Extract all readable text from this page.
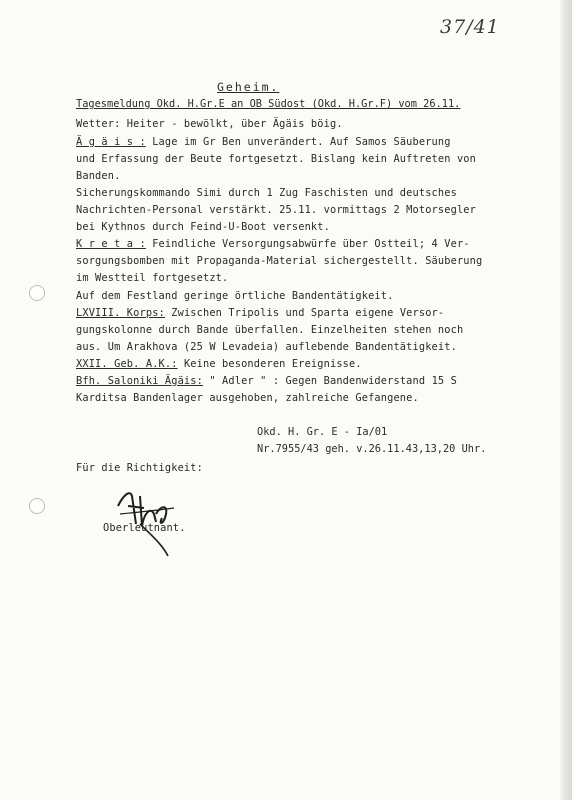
37/41
Geheim.
Tagesmeldung Okd. H.Gr.E an OB Südost (Okd. H.Gr.F) vom 26.11.
Wetter: Heiter - bewölkt, über Ägäis böig.
Ä g ä i s : Lage im Gr Ben unverändert. Auf Samos Säuberung
und Erfassung der Beute fortgesetzt. Bislang kein Auftreten von
Banden.
Sicherungskommando Simi durch 1 Zug Faschisten und deutsches
Nachrichten-Personal verstärkt. 25.11. vormittags 2 Motorsegler
bei Kythnos durch Feind-U-Boot versenkt.
K r e t a : Feindliche Versorgungsabwürfe über Ostteil; 4 Ver-
sorgungsbomben mit Propaganda-Material sichergestellt. Säuberung
im Westteil fortgesetzt.
Auf dem Festland geringe örtliche Bandentätigkeit.
LXVIII. Korps: Zwischen Tripolis und Sparta eigene Versor-
gungskolonne durch Bande überfallen. Einzelheiten stehen noch
aus. Um Arakhova (25 W Levadeia) auflebende Bandentätigkeit.
XXII. Geb. A.K.: Keine besonderen Ereignisse.
Bfh. Saloniki Ägäis: " Adler " : Gegen Bandenwiderstand 15 S
Karditsa Bandenlager ausgehoben, zahlreiche Gefangene.
Okd. H. Gr. E - Ia/01
Nr.7955/43 geh. v.26.11.43,13,20 Uhr.
Für die Richtigkeit:
Oberleutnant.
